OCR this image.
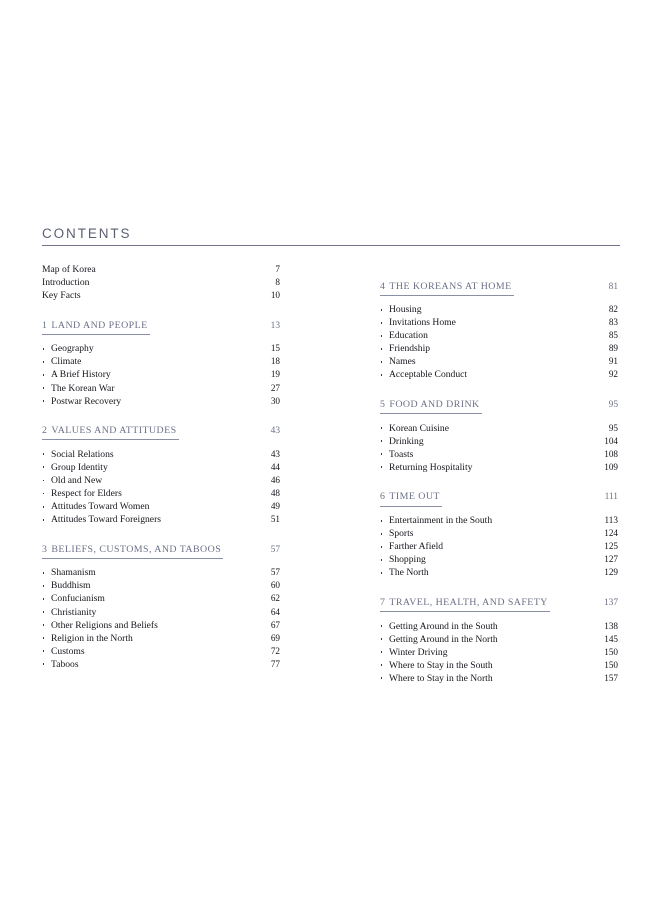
CONTENTS
Map of Korea	7
Introduction	8
Key Facts	10
1 LAND AND PEOPLE	13
Geography	15
Climate	18
A Brief History	19
The Korean War	27
Postwar Recovery	30
2 VALUES AND ATTITUDES	43
Social Relations	43
Group Identity	44
Old and New	46
Respect for Elders	48
Attitudes Toward Women	49
Attitudes Toward Foreigners	51
3 BELIEFS, CUSTOMS, AND TABOOS	57
Shamanism	57
Buddhism	60
Confucianism	62
Christianity	64
Other Religions and Beliefs	67
Religion in the North	69
Customs	72
Taboos	77
4 THE KOREANS AT HOME	81
Housing	82
Invitations Home	83
Education	85
Friendship	89
Names	91
Acceptable Conduct	92
5 FOOD AND DRINK	95
Korean Cuisine	95
Drinking	104
Toasts	108
Returning Hospitality	109
6 TIME OUT	111
Entertainment in the South	113
Sports	124
Farther Afield	125
Shopping	127
The North	129
7 TRAVEL, HEALTH, AND SAFETY	137
Getting Around in the South	138
Getting Around in the North	145
Winter Driving	150
Where to Stay in the South	150
Where to Stay in the North	157
